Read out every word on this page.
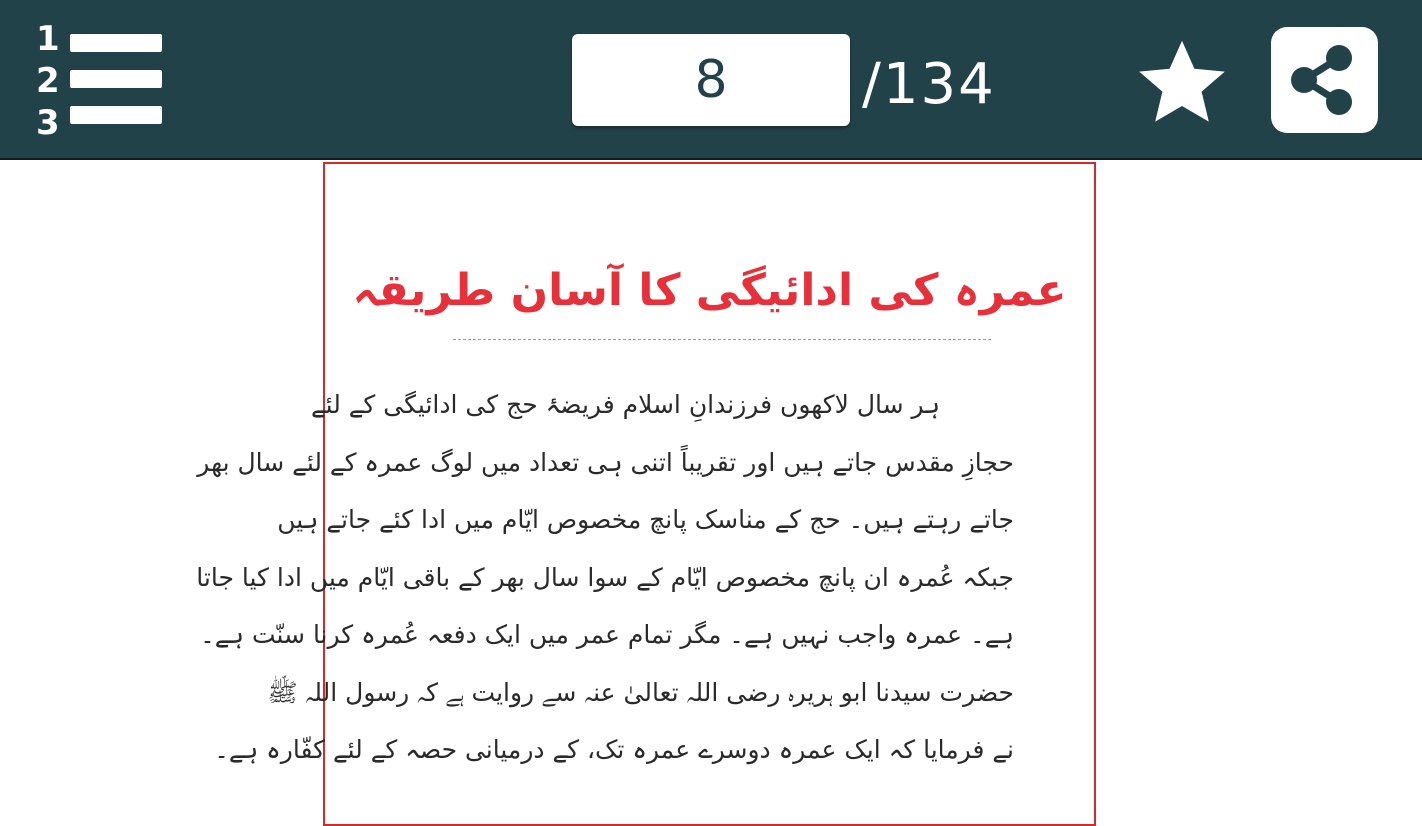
1
2
3
8
/134
عمرہ کی ادائیگی کا آسان طریقہ
ہر سال لاکھوں فرزندانِ اسلام فریضۂ حج کی ادائیگی کے لئے
حجازِ مقدس جاتے ہیں اور تقریباً اتنی ہی تعداد میں لوگ عمرہ کے لئے سال بھر
جاتے رہتے ہیں۔ حج کے مناسک پانچ مخصوص ایّام میں ادا کئے جاتے ہیں
جبکہ عُمرہ ان پانچ مخصوص ایّام کے سوا سال بھر کے باقی ایّام میں ادا کیا جاتا
ہے۔ عمرہ واجب نہیں ہے۔ مگر تمام عمر میں ایک دفعہ عُمرہ کرنا سنّت ہے۔
حضرت سیدنا ابو ہریرہ رضی اللہ تعالیٰ عنہ سے روایت ہے کہ رسول اللہ ﷺ
نے فرمایا کہ ایک عمرہ دوسرے عمرہ تک، کے درمیانی حصہ کے لئے کفّارہ ہے۔
